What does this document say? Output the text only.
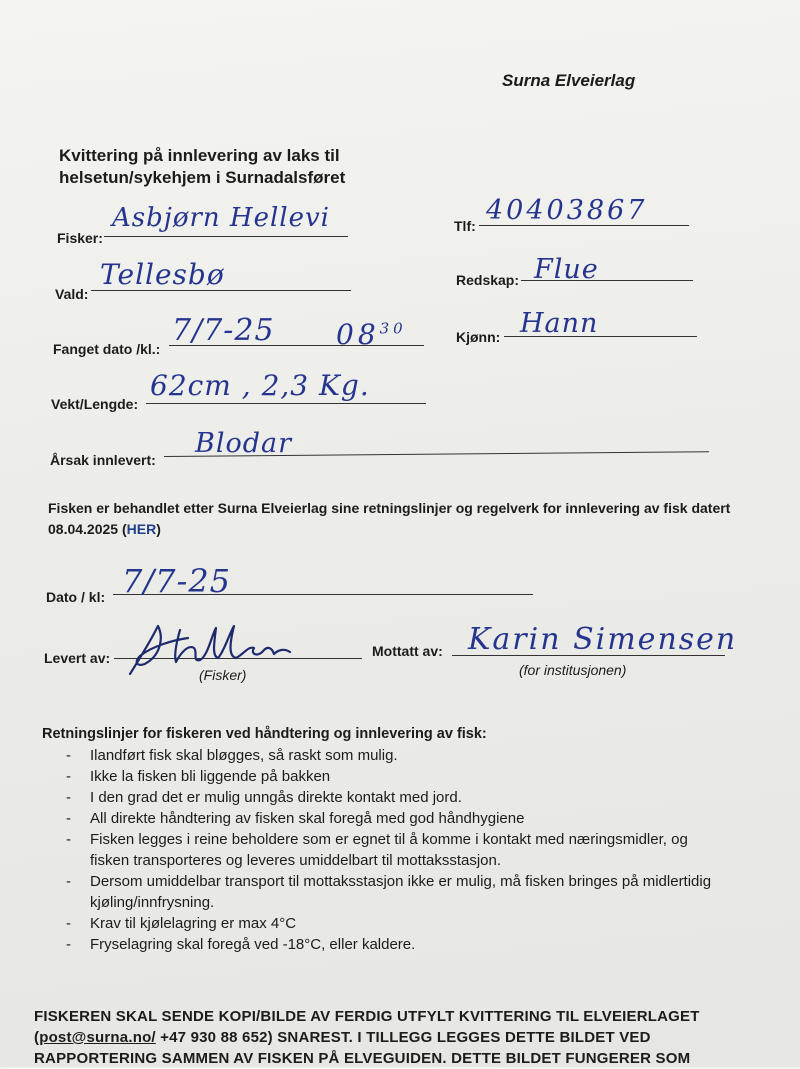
Surna Elveierlag
Kvittering på innlevering av laks til helsetun/sykehjem i Surnadalsføret
Fisker:
Asbjørn Hellevi	Tlf: 40403867
Vald:
Tellesbø	Redskap: Flue
Fanget dato /kl.:
7/7-25 $08^{30}$	Kjønn: Hann
Vekt/Lengde:
62cm , 2,3 Kg.
Årsak innlevert:
Blodar
Fisken er behandlet etter Surna Elveierlag sine retningslinjer og regelverk for innlevering av fisk datert 08.04.2025 (HER)
Dato / kl: 7/7-25
Levert av:
(Fisker)
Mottatt av: Karin Simensen
(for institusjonen)
Retningslinjer for fiskeren ved håndtering og innlevering av fisk:
- Ilandført fisk skal bløgges, så raskt som mulig.
- Ikke la fisken bli liggende på bakken
- I den grad det er mulig unngås direkte kontakt med jord.
- All direkte håndtering av fisken skal foregå med god håndhygiene
- Fisken legges i reine beholdere som er egnet til å komme i kontakt med næringsmidler, og fisken transporteres og leveres umiddelbart til mottaksstasjon.
- Dersom umiddelbar transport til mottaksstasjon ikke er mulig, må fisken bringes på midlertidig kjøling/innfrysning.
- Krav til kjølelagring er max 4°C
- Fryselagring skal foregå ved -18°C, eller kaldere.
FISKEREN SKAL SENDE KOPI/BILDE AV FERDIG UTFYLT KVITTERING TIL ELVEIERLAGET
(post@surna.no/ +47 930 88 652) SNAREST. I TILLEGG LEGGES DETTE BILDET VED
RAPPORTERING SAMMEN AV FISKEN PÅ ELVEGUIDEN. DETTE BILDET FUNGERER SOM
